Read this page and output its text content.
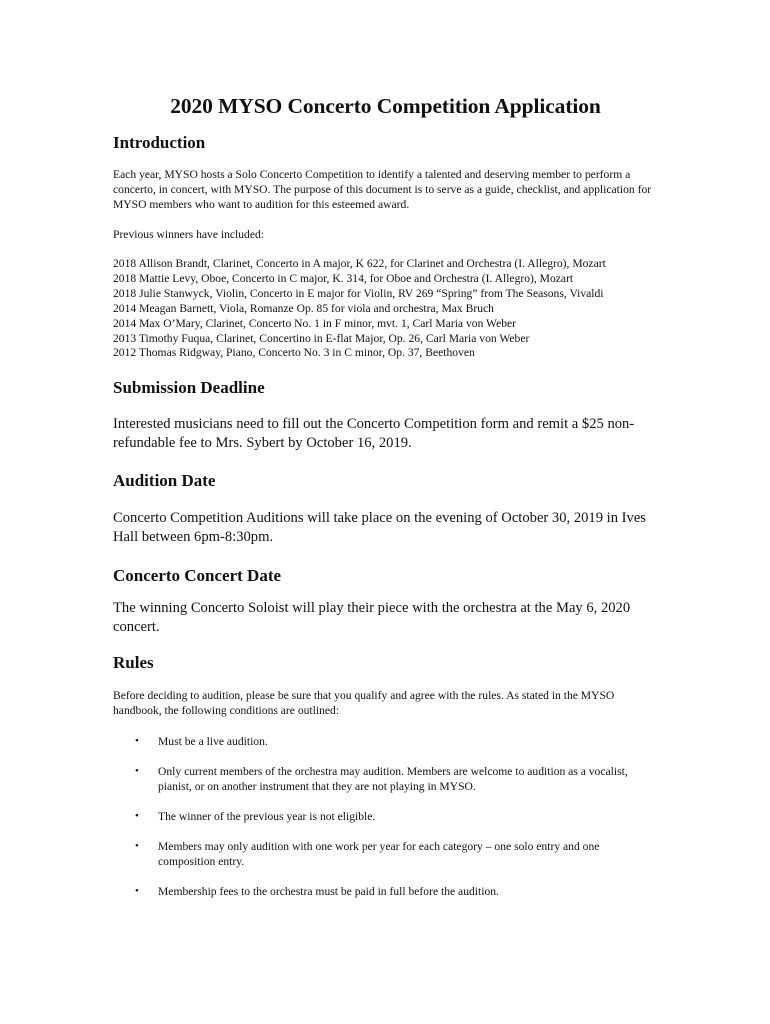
2020 MYSO Concerto Competition Application
Introduction

Each year, MYSO hosts a Solo Concerto Competition to identify a talented and deserving member to perform a concerto, in concert, with MYSO. The purpose of this document is to serve as a guide, checklist, and application for MYSO members who want to audition for this esteemed award.

Previous winners have included:

2018 Allison Brandt, Clarinet, Concerto in A major, K 622, for Clarinet and Orchestra (I. Allegro), Mozart
2018 Mattie Levy, Oboe, Concerto in C major, K. 314, for Oboe and Orchestra (I. Allegro), Mozart
2018 Julie Stanwyck, Violin, Concerto in E major for Violin, RV 269 “Spring” from The Seasons, Vivaldi
2014 Meagan Barnett, Viola, Romanze Op. 85 for viola and orchestra, Max Bruch
2014 Max O’Mary, Clarinet, Concerto No. 1 in F minor, mvt. 1, Carl Maria von Weber
2013 Timothy Fuqua, Clarinet, Concertino in E-flat Major, Op. 26, Carl Maria von Weber
2012 Thomas Ridgway, Piano, Concerto No. 3 in C minor, Op. 37, Beethoven
Submission Deadline

Interested musicians need to fill out the Concerto Competition form and remit a $25 non-refundable fee to Mrs. Sybert by October 16, 2019.

Audition Date

Concerto Competition Auditions will take place on the evening of October 30, 2019 in Ives Hall between 6pm-8:30pm.

Concerto Concert Date

The winning Concerto Soloist will play their piece with the orchestra at the May 6, 2020 concert.

Rules

Before deciding to audition, please be sure that you qualify and agree with the rules. As stated in the MYSO handbook, the following conditions are outlined:

• Must be a live audition.
• Only current members of the orchestra may audition. Members are welcome to audition as a vocalist, pianist, or on another instrument that they are not playing in MYSO.
• The winner of the previous year is not eligible.
• Members may only audition with one work per year for each category – one solo entry and one composition entry.
• Membership fees to the orchestra must be paid in full before the audition.
